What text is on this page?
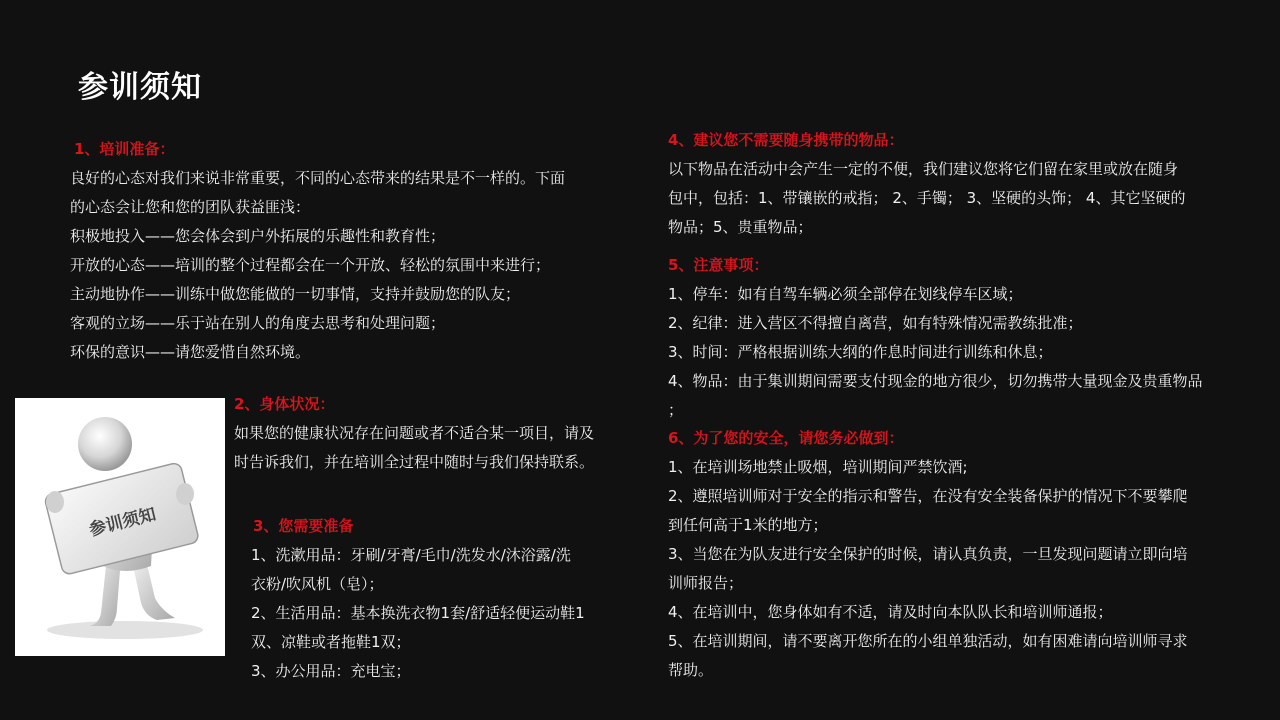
参训须知
1、培训准备：
良好的心态对我们来说非常重要，不同的心态带来的结果是不一样的。下面
的心态会让您和您的团队获益匪浅：
积极地投入——您会体会到户外拓展的乐趣性和教育性；
开放的心态——培训的整个过程都会在一个开放、轻松的氛围中来进行；
主动地协作——训练中做您能做的一切事情，支持并鼓励您的队友；
客观的立场——乐于站在别人的角度去思考和处理问题；
环保的意识——请您爱惜自然环境。
参训须知
2、身体状况：
如果您的健康状况存在问题或者不适合某一项目，请及
时告诉我们，并在培训全过程中随时与我们保持联系。
3、您需要准备
1、洗漱用品：牙刷/牙膏/毛巾/洗发水/沐浴露/洗
衣粉/吹风机（皂）；
2、生活用品：基本换洗衣物1套/舒适轻便运动鞋1
双、凉鞋或者拖鞋1双；
3、办公用品：充电宝；
4、建议您不需要随身携带的物品：
以下物品在活动中会产生一定的不便，我们建议您将它们留在家里或放在随身
包中，包括：1、带镶嵌的戒指； 2、手镯； 3、坚硬的头饰； 4、其它坚硬的
物品；5、贵重物品；
5、注意事项：
1、停车：如有自驾车辆必须全部停在划线停车区域；
2、纪律：进入营区不得擅自离营，如有特殊情况需教练批准；
3、时间：严格根据训练大纲的作息时间进行训练和休息；
4、物品：由于集训期间需要支付现金的地方很少，切勿携带大量现金及贵重物品
；
6、为了您的安全，请您务必做到：
1、在培训场地禁止吸烟，培训期间严禁饮酒;
2、遵照培训师对于安全的指示和警告，在没有安全装备保护的情况下不要攀爬
到任何高于1米的地方；
3、当您在为队友进行安全保护的时候，请认真负责，一旦发现问题请立即向培
训师报告；
4、在培训中，您身体如有不适，请及时向本队队长和培训师通报；
5、在培训期间，请不要离开您所在的小组单独活动，如有困难请向培训师寻求
帮助。
